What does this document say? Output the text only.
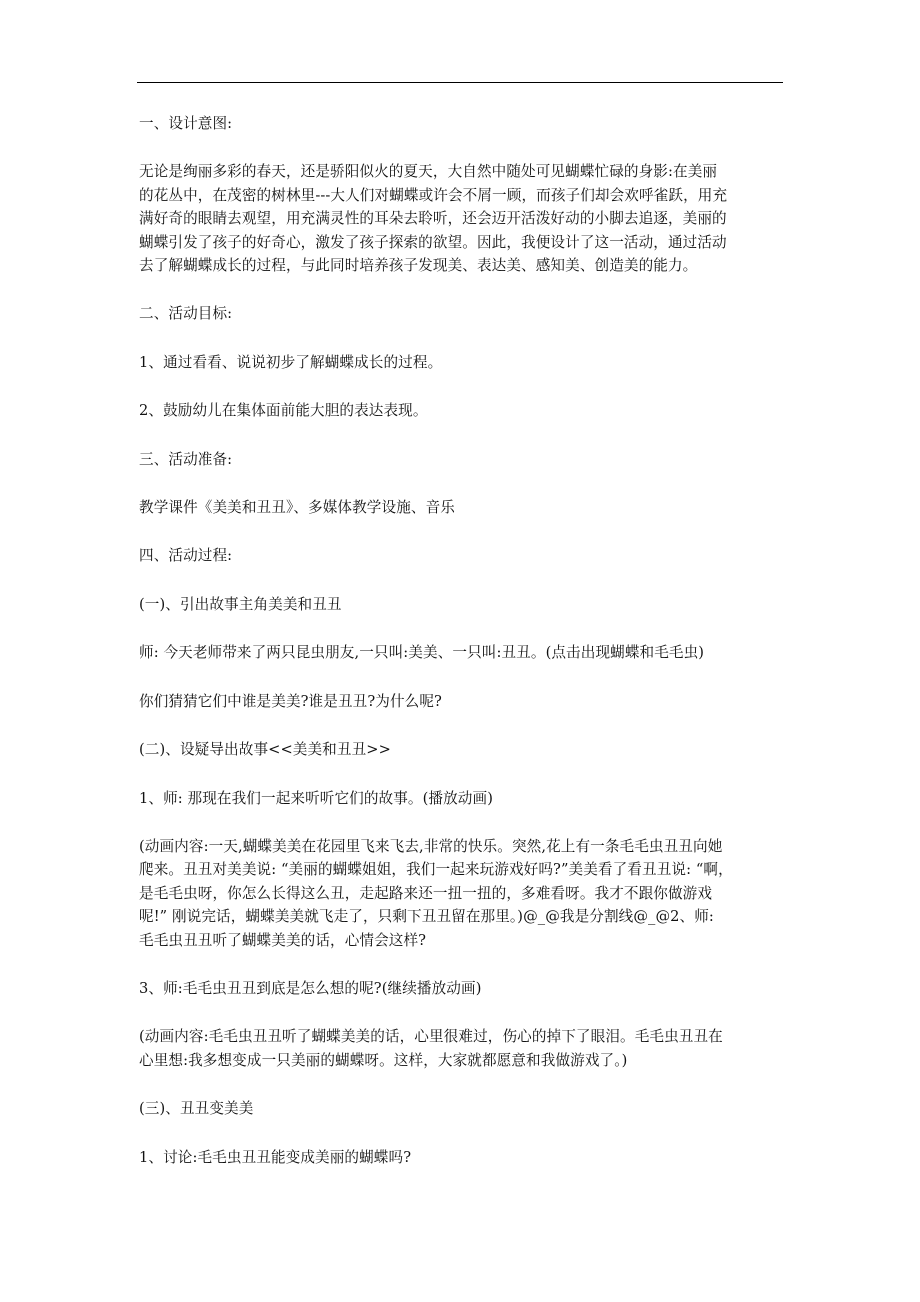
一、设计意图:

无论是绚丽多彩的春天，还是骄阳似火的夏天，大自然中随处可见蝴蝶忙碌的身影:在美丽
的花丛中，在茂密的树林里---大人们对蝴蝶或许会不屑一顾，而孩子们却会欢呼雀跃，用充
满好奇的眼睛去观望，用充满灵性的耳朵去聆听，还会迈开活泼好动的小脚去追逐，美丽的
蝴蝶引发了孩子的好奇心，激发了孩子探索的欲望。因此，我便设计了这一活动，通过活动
去了解蝴蝶成长的过程，与此同时培养孩子发现美、表达美、感知美、创造美的能力。

二、活动目标:

1、通过看看、说说初步了解蝴蝶成长的过程。

2、鼓励幼儿在集体面前能大胆的表达表现。

三、活动准备:

教学课件《美美和丑丑》、多媒体教学设施、音乐

四、活动过程:

(一)、引出故事主角美美和丑丑

师: 今天老师带来了两只昆虫朋友,一只叫:美美、一只叫:丑丑。(点击出现蝴蝶和毛毛虫)

你们猜猜它们中谁是美美?谁是丑丑?为什么呢?

(二)、设疑导出故事<<美美和丑丑>>

1、师: 那现在我们一起来听听它们的故事。(播放动画)

(动画内容:一天,蝴蝶美美在花园里飞来飞去,非常的快乐。突然,花上有一条毛毛虫丑丑向她
爬来。丑丑对美美说: “美丽的蝴蝶姐姐，我们一起来玩游戏好吗?”美美看了看丑丑说: “啊，
是毛毛虫呀，你怎么长得这么丑，走起路来还一扭一扭的，多难看呀。我才不跟你做游戏
呢!” 刚说完话，蝴蝶美美就飞走了，只剩下丑丑留在那里。)@_@我是分割线@_@2、师:
毛毛虫丑丑听了蝴蝶美美的话，心情会这样?

3、师:毛毛虫丑丑到底是怎么想的呢?(继续播放动画)

(动画内容:毛毛虫丑丑听了蝴蝶美美的话，心里很难过，伤心的掉下了眼泪。毛毛虫丑丑在
心里想:我多想变成一只美丽的蝴蝶呀。这样，大家就都愿意和我做游戏了。)

(三)、丑丑变美美

1、讨论:毛毛虫丑丑能变成美丽的蝴蝶吗?
